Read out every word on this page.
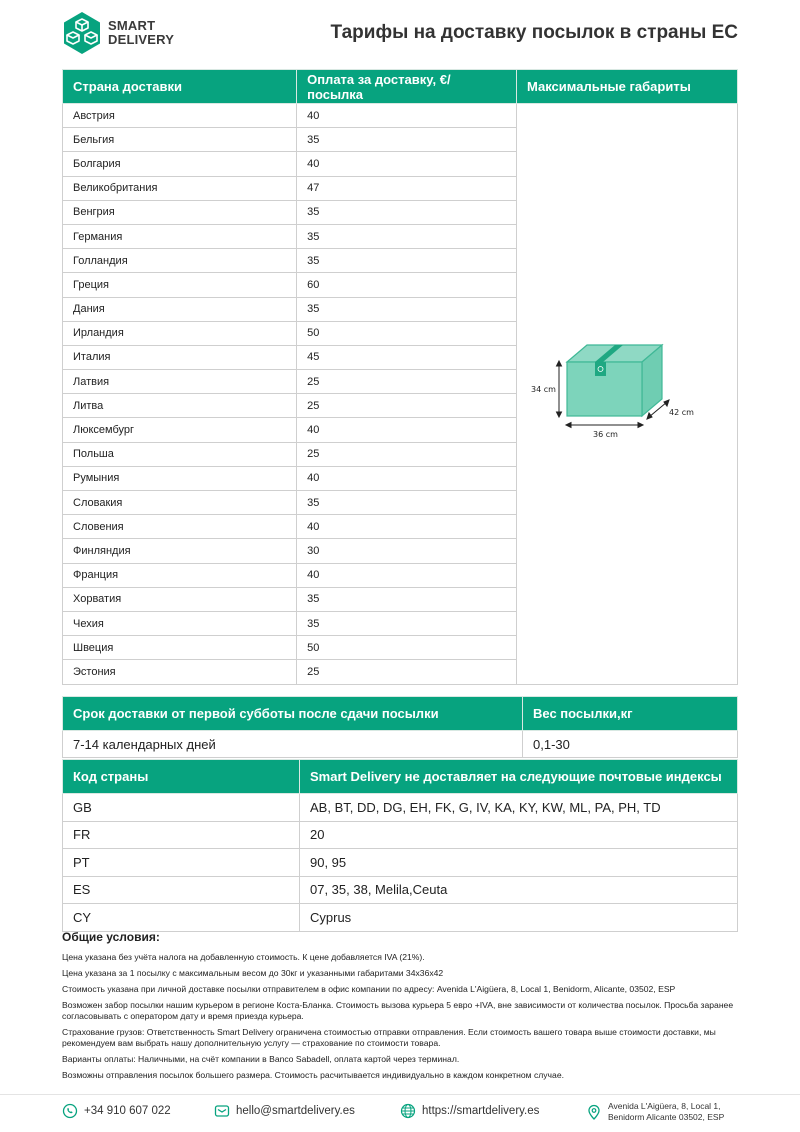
SMART
DELIVERY	Тарифы на доставку посылок в страны ЕС
Страна доставки	Оплата за доставку, €/посылка	Максимальные габариты
Австрия	40	34 cm
36 cm
42 cm

Бельгия	35	
Болгария	40	
Великобритания	47	
Венгрия	35	
Германия	35	
Голландия	35	
Греция	60	
Дания	35	
Ирландия	50	
Италия	45	
Латвия	25	
Литва	25	
Люксембург	40	
Польша	25	
Румыния	40	
Словакия	35	
Словения	40	
Финляндия	30	
Франция	40	
Хорватия	35	
Чехия	35	
Швеция	50	
Эстония	25	
Срок доставки от первой субботы после сдачи посылки	Вес посылки,кг
7-14 календарных дней	0,1-30
Код страны	Smart Delivery не доставляет на следующие почтовые индексы
GB	AB, BT, DD, DG, EH, FK, G, IV, KA, KY, KW, ML, PA, PH, TD
FR	20
PT	90, 95
ES	07, 35, 38, Melila,Ceuta
CY	Cyprus
Общие условия:

Цена указана без учёта налога на добавленную стоимость. К цене добавляется IVA (21%).

Цена указана за 1 посылку с максимальным весом до 30кг и указанными габаритами 34x36x42

Стоимость указана при личной доставке посылки отправителем в офис компании по адресу: Avenida L'Aigüera, 8, Local 1, Benidorm, Alicante, 03502, ESP

Возможен забор посылки нашим курьером в регионе Коста-Бланка. Стоимость вызова курьера 5 евро +IVA, вне зависимости от количества посылок. Просьба заранее согласовывать с оператором дату и время приезда курьера.

Страхование грузов: Ответственность Smart Delivery ограничена стоимостью отправки отправления. Если стоимость вашего товара выше стоимости доставки, мы рекомендуем вам выбрать нашу дополнительную услугу — страхование по стоимости товара.

Варианты оплаты: Наличными, на счёт компании в Banco Sabadell, оплата картой через терминал.

Возможны отправления посылок большего размера. Стоимость расчитывается индивидуально в каждом конкретном случае.

+34 910 607 022	hello@smartdelivery.es	https://smartdelivery.es	Avenida L'Aigüera, 8, Local 1,
Benidorm Alicante 03502, ESP
